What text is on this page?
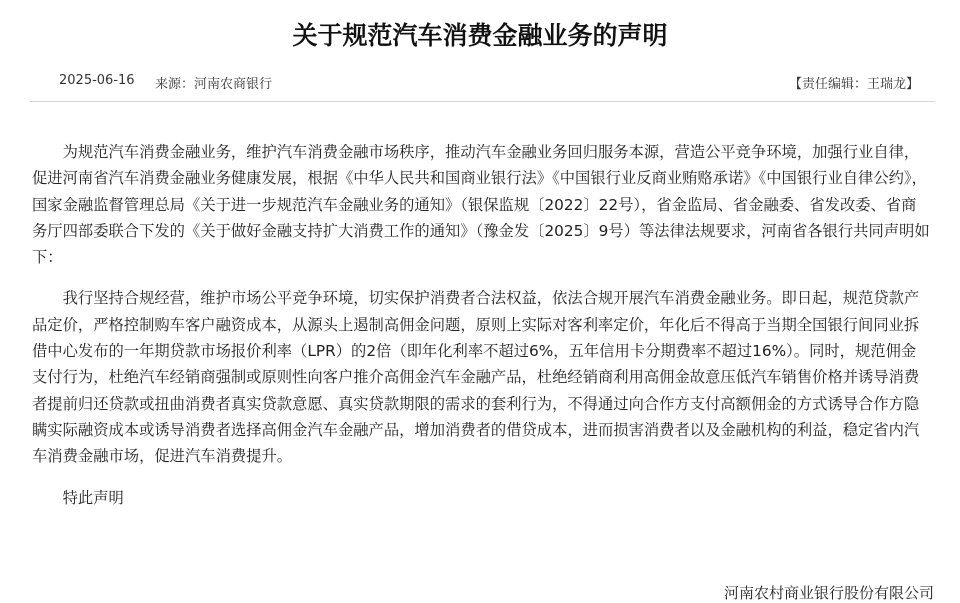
关于规范汽车消费金融业务的声明
2025-06-16 来源：河南农商银行	【责任编辑：王瑞龙】

为规范汽车消费金融业务，维护汽车消费金融市场秩序，推动汽车金融业务回归服务本源，营造公平竞争环境，加强行业自律，促进河南省汽车消费金融业务健康发展，根据《中华人民共和国商业银行法》《中国银行业反商业贿赂承诺》《中国银行业自律公约》，国家金融监督管理总局《关于进一步规范汽车金融业务的通知》（银保监规〔2022〕22号），省金监局、省金融委、省发改委、省商务厅四部委联合下发的《关于做好金融支持扩大消费工作的通知》（豫金发〔2025〕9号）等法律法规要求，河南省各银行共同声明如下：

我行坚持合规经营，维护市场公平竞争环境，切实保护消费者合法权益，依法合规开展汽车消费金融业务。即日起，规范贷款产品定价，严格控制购车客户融资成本，从源头上遏制高佣金问题，原则上实际对客利率定价，年化后不得高于当期全国银行间同业拆借中心发布的一年期贷款市场报价利率（LPR）的2倍（即年化利率不超过6%，五年信用卡分期费率不超过16%）。同时，规范佣金支付行为，杜绝汽车经销商强制或原则性向客户推介高佣金汽车金融产品，杜绝经销商利用高佣金故意压低汽车销售价格并诱导消费者提前归还贷款或扭曲消费者真实贷款意愿、真实贷款期限的需求的套利行为，不得通过向合作方支付高额佣金的方式诱导合作方隐瞒实际融资成本或诱导消费者选择高佣金汽车金融产品，增加消费者的借贷成本，进而损害消费者以及金融机构的利益，稳定省内汽车消费金融市场，促进汽车消费提升。

特此声明

河南农村商业银行股份有限公司
